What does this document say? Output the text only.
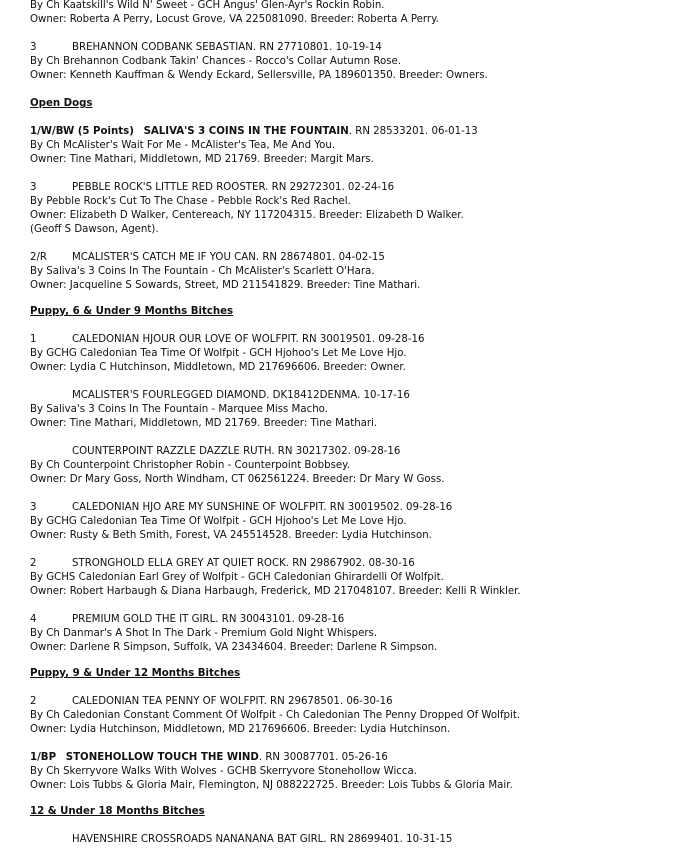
By Ch Kaatskill's Wild N' Sweet - GCH Angus' Glen-Ayr's Rockin Robin.
Owner: Roberta A Perry, Locust Grove, VA 225081090. Breeder: Roberta A Perry.
3	BREHANNON CODBANK SEBASTIAN. RN 27710801. 10-19-14
By Ch Brehannon Codbank Takin' Chances - Rocco's Collar Autumn Rose.
Owner: Kenneth Kauffman & Wendy Eckard, Sellersville, PA 189601350. Breeder: Owners.
Open Dogs
1/W/BW (5 Points) SALIVA'S 3 COINS IN THE FOUNTAIN. RN 28533201. 06-01-13
By Ch McAlister's Wait For Me - McAlister's Tea, Me And You.
Owner: Tine Mathari, Middletown, MD 21769. Breeder: Margit Mars.
3	PEBBLE ROCK'S LITTLE RED ROOSTER. RN 29272301. 02-24-16
By Pebble Rock's Cut To The Chase - Pebble Rock's Red Rachel.
Owner: Elizabeth D Walker, Centereach, NY 117204315. Breeder: Elizabeth D Walker.
(Geoff S Dawson, Agent).
2/R MCALISTER'S CATCH ME IF YOU CAN. RN 28674801. 04-02-15
By Saliva's 3 Coins In The Fountain - Ch McAlister's Scarlett O'Hara.
Owner: Jacqueline S Sowards, Street, MD 211541829. Breeder: Tine Mathari.
Puppy, 6 & Under 9 Months Bitches
1	CALEDONIAN HJOUR OUR LOVE OF WOLFPIT. RN 30019501. 09-28-16
By GCHG Caledonian Tea Time Of Wolfpit - GCH Hjohoo's Let Me Love Hjo.
Owner: Lydia C Hutchinson, Middletown, MD 217696606. Breeder: Owner.
MCALISTER'S FOURLEGGED DIAMOND. DK18412DENMA. 10-17-16
By Saliva's 3 Coins In The Fountain - Marquee Miss Macho.
Owner: Tine Mathari, Middletown, MD 21769. Breeder: Tine Mathari.
COUNTERPOINT RAZZLE DAZZLE RUTH. RN 30217302. 09-28-16
By Ch Counterpoint Christopher Robin - Counterpoint Bobbsey.
Owner: Dr Mary Goss, North Windham, CT 062561224. Breeder: Dr Mary W Goss.
3	CALEDONIAN HJO ARE MY SUNSHINE OF WOLFPIT. RN 30019502. 09-28-16
By GCHG Caledonian Tea Time Of Wolfpit - GCH Hjohoo's Let Me Love Hjo.
Owner: Rusty & Beth Smith, Forest, VA 245514528. Breeder: Lydia Hutchinson.
2	STRONGHOLD ELLA GREY AT QUIET ROCK. RN 29867902. 08-30-16
By GCHS Caledonian Earl Grey of Wolfpit - GCH Caledonian Ghirardelli Of Wolfpit.
Owner: Robert Harbaugh & Diana Harbaugh, Frederick, MD 217048107. Breeder: Kelli R Winkler.
4	PREMIUM GOLD THE IT GIRL. RN 30043101. 09-28-16
By Ch Danmar's A Shot In The Dark - Premium Gold Night Whispers.
Owner: Darlene R Simpson, Suffolk, VA 23434604. Breeder: Darlene R Simpson.
Puppy, 9 & Under 12 Months Bitches
2	CALEDONIAN TEA PENNY OF WOLFPIT. RN 29678501. 06-30-16
By Ch Caledonian Constant Comment Of Wolfpit - Ch Caledonian The Penny Dropped Of Wolfpit.
Owner: Lydia Hutchinson, Middletown, MD 217696606. Breeder: Lydia Hutchinson.
1/BP STONEHOLLOW TOUCH THE WIND. RN 30087701. 05-26-16
By Ch Skerryvore Walks With Wolves - GCHB Skerryvore Stonehollow Wicca.
Owner: Lois Tubbs & Gloria Mair, Flemington, NJ 088222725. Breeder: Lois Tubbs & Gloria Mair.
12 & Under 18 Months Bitches
HAVENSHIRE CROSSROADS NANANANA BAT GIRL. RN 28699401. 10-31-15
